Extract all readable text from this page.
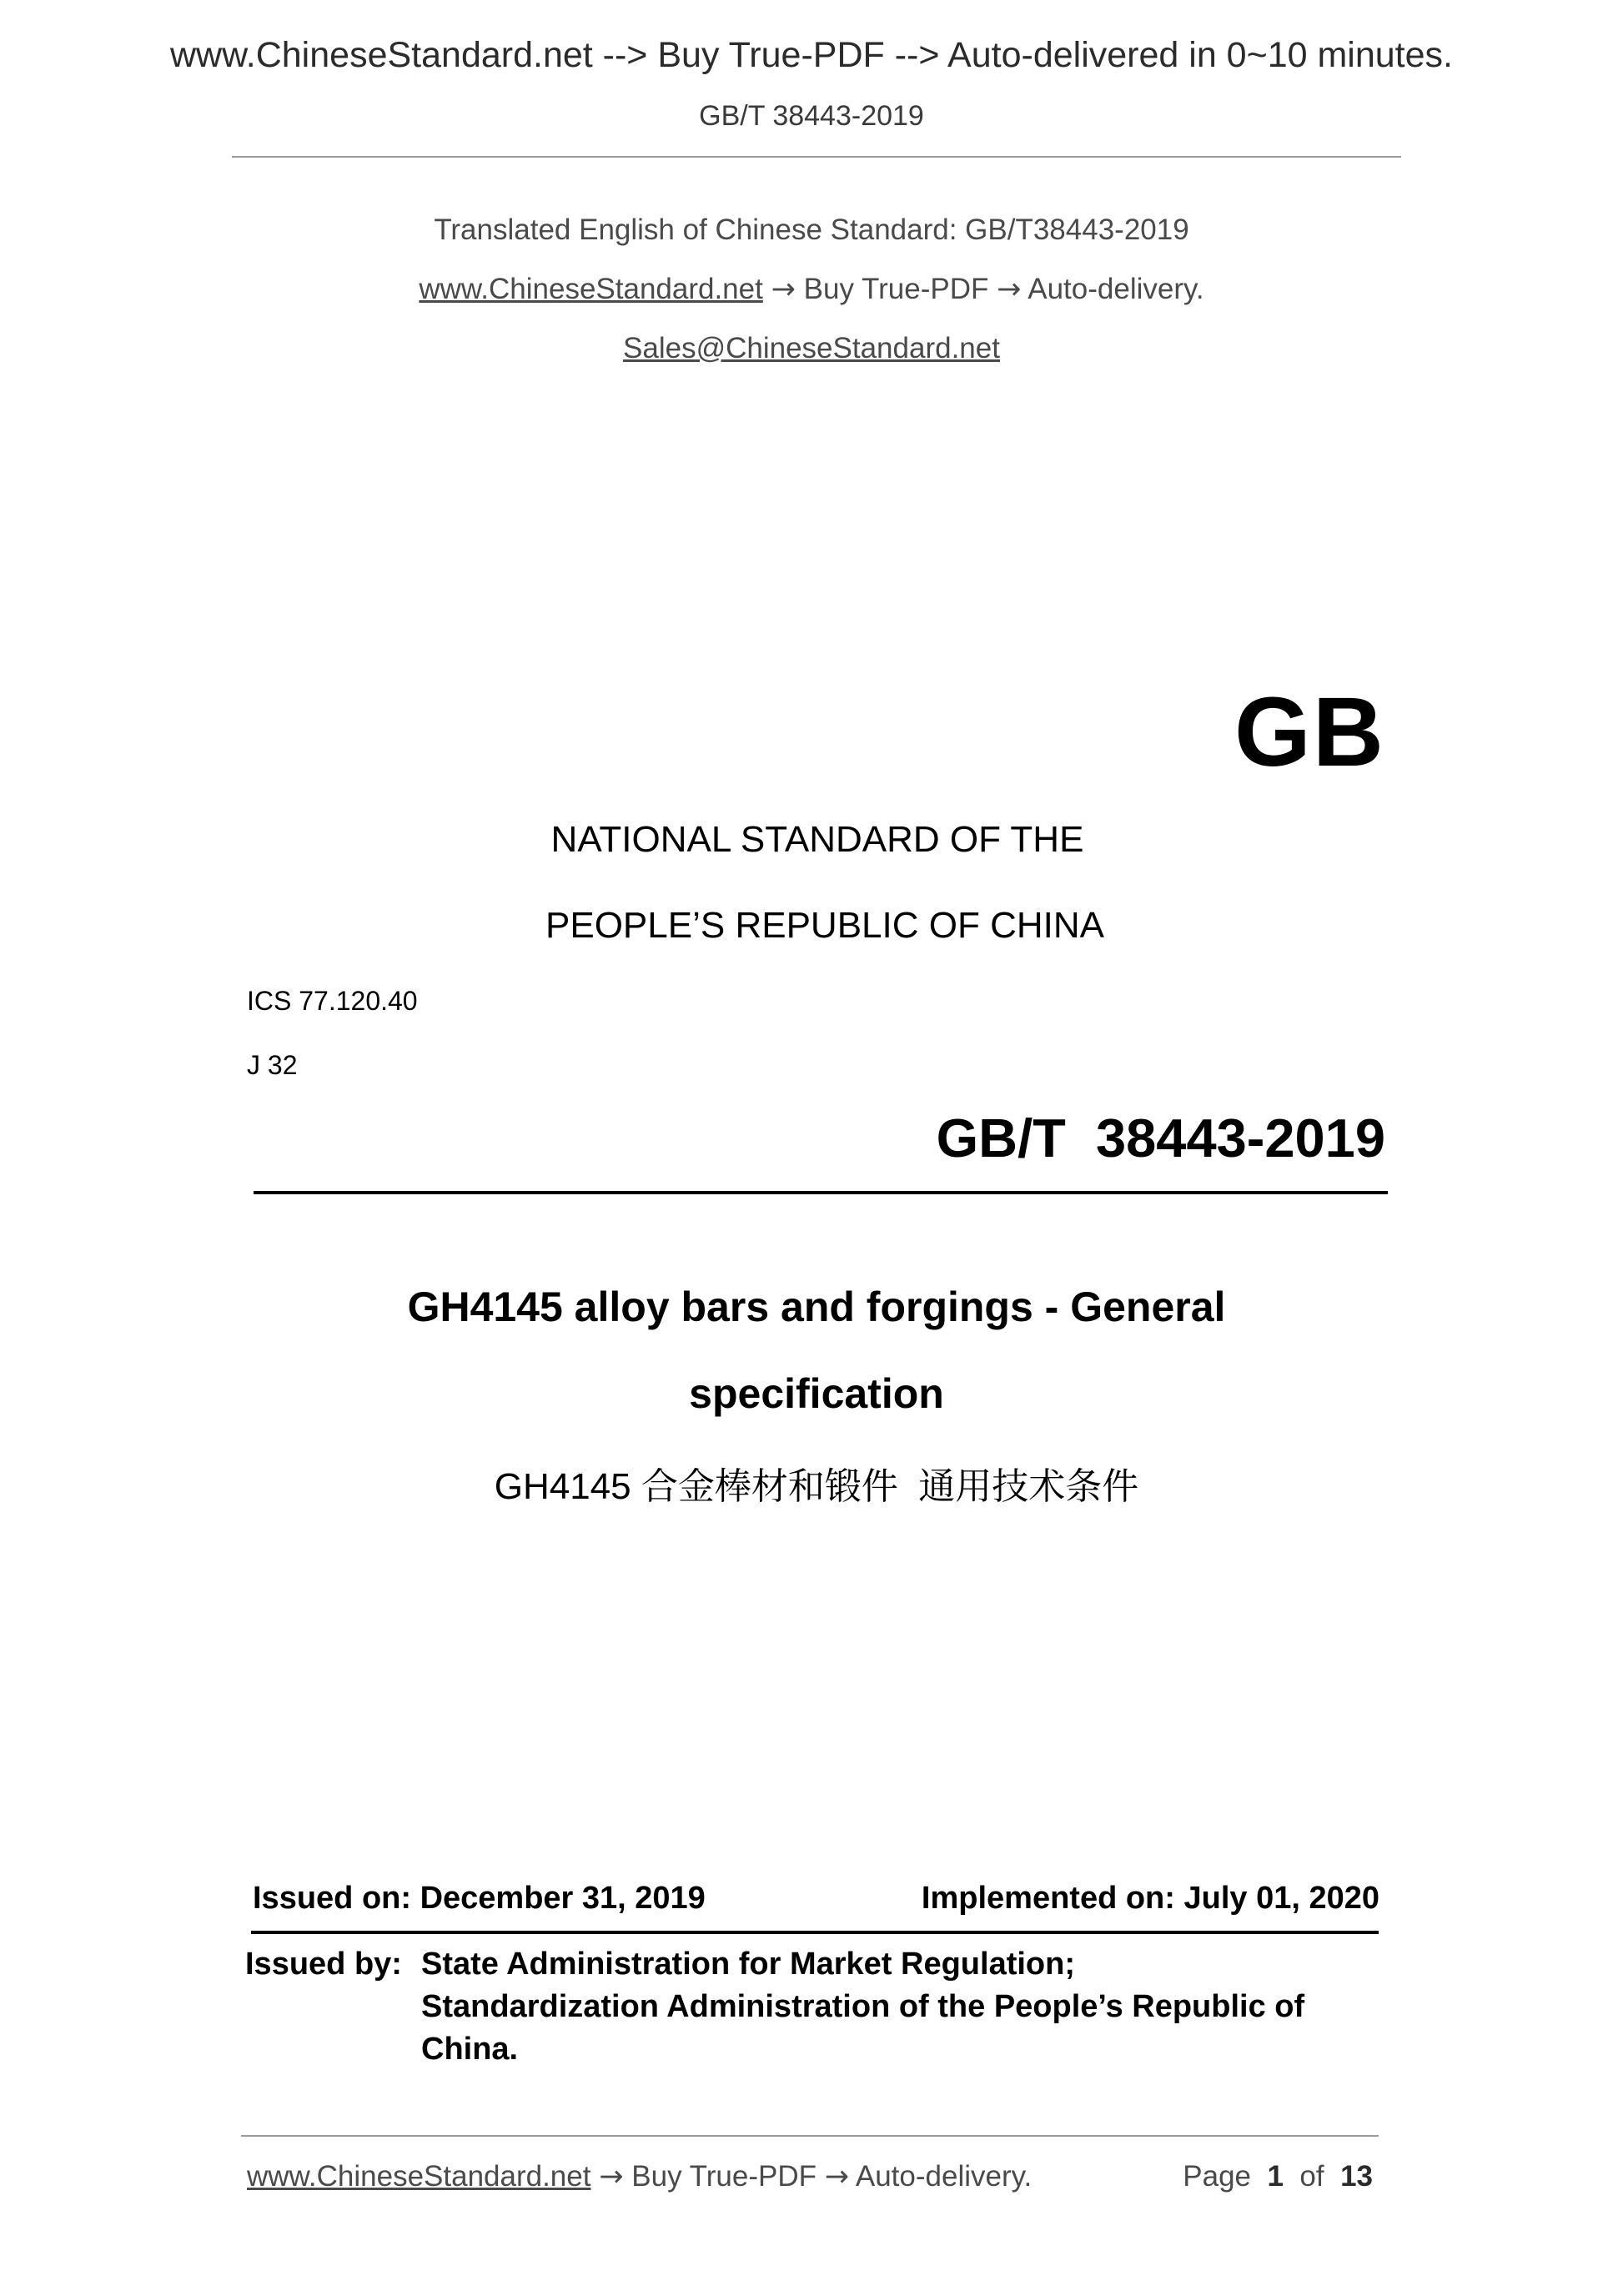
www.ChineseStandard.net --> Buy True-PDF --> Auto-delivered in 0~10 minutes.
GB/T 38443-2019
Translated English of Chinese Standard: GB/T38443-2019
www.ChineseStandard.net → Buy True-PDF → Auto-delivery.
Sales@ChineseStandard.net
GB
NATIONAL STANDARD OF THE
PEOPLE’S REPUBLIC OF CHINA
ICS 77.120.40
J 32
GB/T  38443-2019
GH4145 alloy bars and forgings - General
specification
GH4145 合金棒材和锻件  通用技术条件
Issued on: December 31, 2019	Implemented on: July 01, 2020
Issued by: State Administration for Market Regulation;
Standardization Administration of the People’s Republic of
China.
www.ChineseStandard.net → Buy True-PDF → Auto-delivery.	Page 1 of 13
